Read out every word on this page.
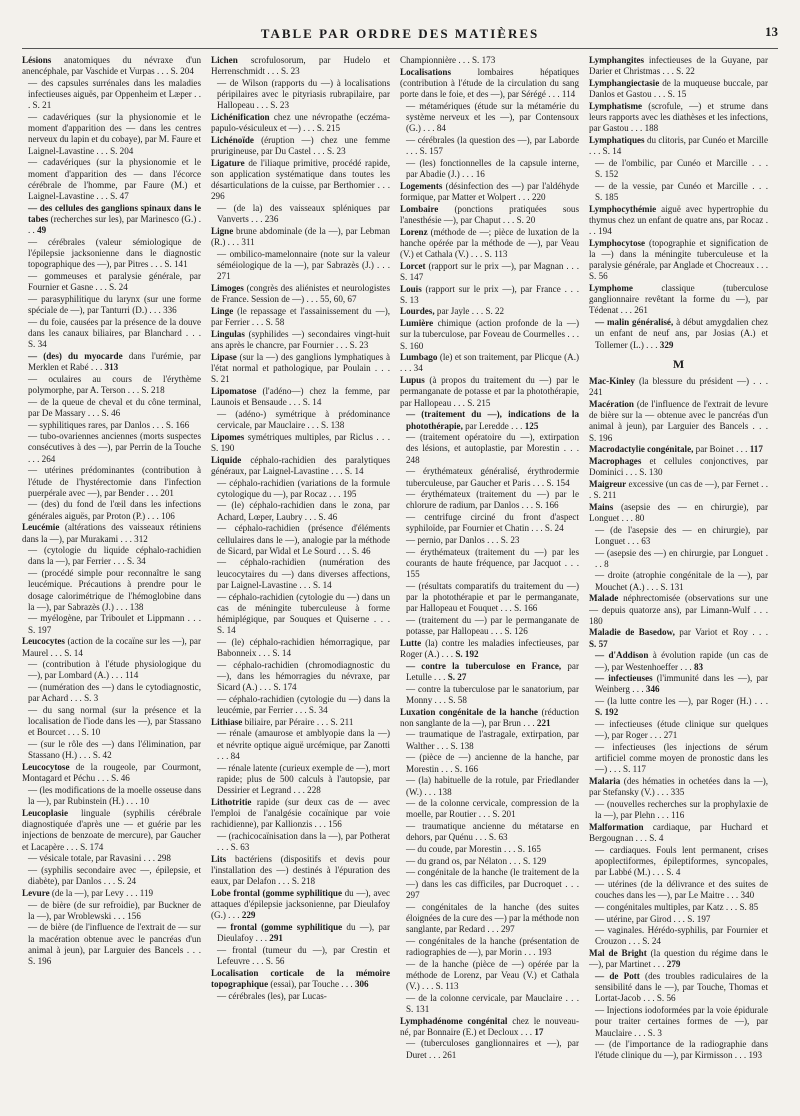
TABLE PAR ORDRE DES MATIÈRES	13
Lésions anatomiques du névraxe d'un anencéphale, par Vaschide et Vurpas . . . S. 204
— des capsules surrénales dans les maladies infectieuses aiguës, par Oppenheim et Læper . . . S. 21
— cadavériques (sur la physionomie et le moment d'apparition des — dans les centres nerveux du lapin et du cobaye), par M. Faure et Laignel-Lavastine . . . S. 204
— cadavériques (sur la physionomie et le moment d'apparition des — dans l'écorce cérébrale de l'homme, par Faure (M.) et Laignel-Lavastine . . . S. 47
— des cellules des ganglions spinaux dans le tabes (recherches sur les), par Marinesco (G.) . . . 49
— cérébrales (valeur sémiologique de l'épilepsie jacksonienne dans le diagnostic topographique des —), par Pitres . . . S. 141
— gommeuses et paralysie générale, par Fournier et Gasne . . . S. 24
— parasyphilitique du larynx (sur une forme spéciale de —), par Tanturri (D.) . . . 336
— du foie, causées par la présence de la douve dans les canaux biliaires, par Blanchard . . . S. 34
— (des) du myocarde dans l'urémie, par Merklen et Rabé . . . 313
— oculaires au cours de l'érythème polymorphe, par A. Terson . . . S. 218
— de la queue de cheval et du cône terminal, par De Massary . . . S. 46
— syphilitiques rares, par Danlos . . . S. 166
— tubo-ovariennes anciennes (morts suspectes consécutives à des —), par Perrin de la Touche . . . 264
— utérines prédominantes (contribution à l'étude de l'hystérectomie dans l'infection puerpérale avec —), par Bender . . . 201
— (des) du fond de l'œil dans les infections générales aiguës, par Proton (P.) . . . 106
Leucémie (altérations des vaisseaux rétiniens dans la —), par Murakami . . . 312
— (cytologie du liquide céphalo-rachidien dans la —), par Ferrier . . . S. 34
— (procédé simple pour reconnaître le sang leucémique. Précautions à prendre pour le dosage calorimétrique de l'hémoglobine dans la —), par Sabrazès (J.) . . . 138
— myélogène, par Triboulet et Lippmann . . . S. 197
Leucocytes (action de la cocaïne sur les —), par Maurel . . . S. 14
— (contribution à l'étude physiologique du —), par Lombard (A.) . . . 114
— (numération des —) dans le cytodiagnostic, par Achard . . . S. 3
— du sang normal (sur la présence et la localisation de l'iode dans les —), par Stassano et Bourcet . . . S. 10
— (sur le rôle des —) dans l'élimination, par Stassano (H.) . . . S. 42
Leucocytose de la rougeole, par Courmont, Montagard et Péchu . . . S. 46
— (les modifications de la moelle osseuse dans la —), par Rubinstein (H.) . . . 10
Leucoplasie linguale (syphilis cérébrale diagnostiquée d'après une — et guérie par les injections de benzoate de mercure), par Gaucher et Lacapère . . . S. 174
— vésicale totale, par Ravasini . . . 298
— (syphilis secondaire avec —, épilepsie, et diabète), par Danlos . . . S. 24
Levure (de la —), par Levy . . . 119
— de bière (de sur refroidie), par Buckner de la —), par Wroblewski . . . 156
— de bière (de l'influence de l'extrait de — sur la macération obtenue avec le pancréas d'un animal à jeun), par Larguier des Bancels . . . S. 196
Lichen scrofulosorum, par Hudelo et Herrenschmidt . . . S. 23
— de Wilson (rapports du —) à localisations péripilaires avec le pityriasis rubrapilaire, par Hallopeau . . . S. 23
Lichénification chez une névropathe (eczéma-papulo-vésiculeux et —) . . . S. 215
Lichénoïde (éruption —) chez une femme prurigineuse, par Du Castel . . . S. 23
Ligature de l'iliaque primitive, procédé rapide, son application systématique dans toutes les désarticulations de la cuisse, par Berthomier . . . 296
— (de la) des vaisseaux spléniques par Vanverts . . . 236
Ligne brune abdominale (de la —), par Lebman (R.) . . . 311
— ombilico-mamelonnaire (note sur la valeur séméiologique de la —), par Sabrazès (J.) . . . 271
Limoges (congrès des aliénistes et neurologistes de France. Session de —) . . . 55, 60, 67
Linge (le repassage et l'assainissement du —), par Ferrier . . . S. 58
Lingulas (syphilides —) secondaires vingt-huit ans après le chancre, par Fournier . . . S. 23
Lipase (sur la —) des ganglions lymphatiques à l'état normal et pathologique, par Poulain . . . S. 21
Lipomatose (l'adéno—) chez la femme, par Launois et Bensaude . . . S. 14
— (adéno-) symétrique à prédominance cervicale, par Mauclaire . . . S. 138
Lipomes symétriques multiples, par Riclus . . . S. 190
Liquide céphalo-rachidien des paralytiques généraux, par Laignel-Lavastine . . . S. 14
— céphalo-rachidien (variations de la formule cytologique du —), par Rocaz . . . 195
— (le) céphalo-rachidien dans le zona, par Achard, Lœper, Laubry . . . S. 46
— céphalo-rachidien (présence d'éléments cellulaires dans le —), analogie par la méthode de Sicard, par Widal et Le Sourd . . . S. 46
— céphalo-rachidien (numération des leucocytaires du —) dans diverses affections, par Laignel-Lavastine . . . S. 14
— céphalo-rachidien (cytologie du —) dans un cas de méningite tuberculeuse à forme hémiplégique, par Souques et Quiserne . . . S. 14
— (le) céphalo-rachidien hémorragique, par Babonneix . . . S. 14
— céphalo-rachidien (chromodiagnostic du —), dans les hémorragies du névraxe, par Sicard (A.) . . . S. 174
— céphalo-rachidien (cytologie du —) dans la leucémie, par Ferrier . . . S. 34
Lithiase biliaire, par Péraire . . . S. 211
— rénale (amaurose et amblyopie dans la —) et névrite optique aiguë urcémique, par Zanotti . . . 84
— rénale latente (curieux exemple de —), mort rapide; plus de 500 calculs à l'autopsie, par Dessirier et Legrand . . . 228
Lithotritie rapide (sur deux cas de — avec l'emploi de l'analgésie cocaïnique par voie rachidienne), par Kallionzis . . . 156
— (rachicocaïnisation dans la —), par Potherat . . . S. 63
Lits bactériens (dispositifs et devis pour l'installation des —) destinés à l'épuration des eaux, par Delafon . . . S. 218
Lobe frontal (gomme syphilitique du —), avec attaques d'épilepsie jacksonienne, par Dieulafoy (G.) . . . 229
— frontal (gomme syphilitique du —), par Dieulafoy . . . 291
— frontal (tumeur du —), par Crestin et Lefeuvre . . . S. 56
Localisation corticale de la mémoire topographique (essai), par Touche . . . 306
— cérébrales (les), par Lucas-
Championnière . . . S. 173
Localisations lombaires hépatiques (contribution à l'étude de la circulation du sang porte dans le foie, et des —), par Sérégé . . . 114
— métamériques (étude sur la métamérie du système nerveux et les —), par Contensoux (G.) . . . 84
— cérébrales (la question des —), par Laborde . . . S. 157
— (les) fonctionnelles de la capsule interne, par Abadie (J.) . . . 16
Logements (désinfection des —) par l'aldéhyde formique, par Matter et Wolpert . . . 220
Lombaire (ponctions pratiquées sous l'anesthésie —), par Chaput . . . S. 20
Lorenz (méthode de —; pièce de luxation de la hanche opérée par la méthode de —), par Veau (V.) et Cathala (V.) . . . S. 113
Lorcet (rapport sur le prix —), par Magnan . . . S. 147
Louis (rapport sur le prix —), par France . . . S. 13
Lourdes, par Jayle . . . S. 22
Lumière chimique (action profonde de la —) sur la tuberculose, par Foveau de Courmelles . . . S. 160
Lumbago (le) et son traitement, par Plicque (A.) . . . 34
Lupus (à propos du traitement du —) par le permanganate de potasse et par la photothérapie, par Hallopeau . . . S. 215
— (traitement du —), indications de la photothérapie, par Leredde . . . 125
— (traitement opératoire du —), extirpation des lésions, et autoplastie, par Morestin . . . 248
— érythémateux généralisé, érythrodermie tuberculeuse, par Gaucher et Paris . . . S. 154
— érythémateux (traitement du —) par le chlorure de radium, par Danlos . . . S. 166
— centrifuge circiné du front d'aspect syphiloïde, par Fournier et Chatin . . . S. 24
— pernio, par Danlos . . . S. 23
— érythémateux (traitement du —) par les courants de haute fréquence, par Jacquot . . . 155
— (résultats comparatifs du traitement du —) par la photothérapie et par le permanganate, par Hallopeau et Fouquet . . . S. 166
— (traitement du —) par le permanganate de potasse, par Hallopeau . . . S. 126
Lutte (la) contre les maladies infectieuses, par Roger (A.) . . . S. 192
— contre la tuberculose en France, par Letulle . . . S. 27
— contre la tuberculose par le sanatorium, par Monny . . . S. 58
Luxation congénitale de la hanche (réduction non sanglante de la —), par Brun . . . 221
— traumatique de l'astragale, extirpation, par Walther . . . S. 138
— (pièce de —) ancienne de la hanche, par Morestin . . . S. 166
— (la) habituelle de la rotule, par Friedlander (W.) . . . 138
— de la colonne cervicale, compression de la moelle, par Routier . . . S. 201
— traumatique ancienne du métatarse en dehors, par Quénu . . . S. 63
— du coude, par Morestin . . . S. 165
— du grand os, par Nélaton . . . S. 129
— congénitale de la hanche (le traitement de la —) dans les cas difficiles, par Ducroquet . . . 297
— congénitales de la hanche (des suites éloignées de la cure des —) par la méthode non sanglante, par Redard . . . 297
— congénitales de la hanche (présentation de radiographies de —), par Morin . . . 193
— de la hanche (pièce de —) opérée par la méthode de Lorenz, par Veau (V.) et Cathala (V.) . . . S. 113
— de la colonne cervicale, par Mauclaire . . . S. 131
Lymphadénome congénital chez le nouveau-né, par Bonnaire (E.) et Decloux . . . 17
— (tuberculoses ganglionnaires et —), par Duret . . . 261
Lymphangites infectieuses de la Guyane, par Darier et Christmas . . . S. 22
Lymphangiectasie de la muqueuse buccale, par Danlos et Gastou . . . S. 15
Lymphatisme (scrofule, —) et strume dans leurs rapports avec les diathèses et les infections, par Gastou . . . 188
Lymphatiques du clitoris, par Cunéo et Marcille . . . S. 14
— de l'ombilic, par Cunéo et Marcille . . . S. 152
— de la vessie, par Cunéo et Marcille . . . S. 185
Lymphocythémie aiguë avec hypertrophie du thymus chez un enfant de quatre ans, par Rocaz . . . 194
Lymphocytose (topographie et signification de la —) dans la méningite tuberculeuse et la paralysie générale, par Anglade et Chocreaux . . . S. 56
Lymphome classique (tuberculose ganglionnaire revêtant la forme du —), par Tédenat . . . 261
— malin généralisé, à début amygdalien chez un enfant de neuf ans, par Josias (A.) et Tollemer (L.) . . . 329
M
Mac-Kinley (la blessure du président —) . . . 241
Macération (de l'influence de l'extrait de levure de bière sur la — obtenue avec le pancréas d'un animal à jeun), par Larguier des Bancels . . . S. 196
Macrodactylie congénitale, par Boinet . . . 117
Macrophages et cellules conjonctives, par Dominici . . . S. 130
Maigreur excessive (un cas de —), par Fernet . . . S. 211
Mains (asepsie des — en chirurgie), par Longuet . . . 80
— (de l'asepsie des — en chirurgie), par Longuet . . . 63
— (asepsie des —) en chirurgie, par Longuet . . . 8
— droite (atrophie congénitale de la —), par Mouchet (A.) . . . S. 131
Malade néphrectomisée (observations sur une — depuis quatorze ans), par Limann-Wulf . . . 180
Maladie de Basedow, par Variot et Roy . . . S. 57
— d'Addison à évolution rapide (un cas de —), par Westenhoeffer . . . 83
— infectieuses (l'immunité dans les —), par Weinberg . . . 346
— (la lutte contre les —), par Roger (H.) . . . S. 192
— infectieuses (étude clinique sur quelques —), par Roger . . . 271
— infectieuses (les injections de sérum artificiel comme moyen de pronostic dans les —) . . . S. 117
Malaria (des hématies in ochetées dans la —), par Stefansky (V.) . . . 335
— (nouvelles recherches sur la prophylaxie de la —), par Plehn . . . 116
Malformation cardiaque, par Huchard et Bergougnan . . . S. 4
— cardiaques. Fouls lent permanent, crises apoplectiformes, épileptiformes, syncopales, par Labbé (M.) . . . S. 4
— utérines (de la délivrance et des suites de couches dans les —), par Le Maitre . . . 340
— congénitales multiples, par Katz . . . S. 85
— utérine, par Girod . . . S. 197
— vaginales. Hérédo-syphilis, par Fournier et Crouzon . . . S. 24
Mal de Bright (la question du régime dans le —), par Martinet . . . 279
— de Pott (des troubles radiculaires de la sensibilité dans le —), par Touche, Thomas et Lortat-Jacob . . . S. 56
— Injections iodoformées par la voie épidurale pour traiter certaines formes de —), par Mauclaire . . . S. 3
— (de l'importance de la radiographie dans l'étude clinique du —), par Kirmisson . . . 193
